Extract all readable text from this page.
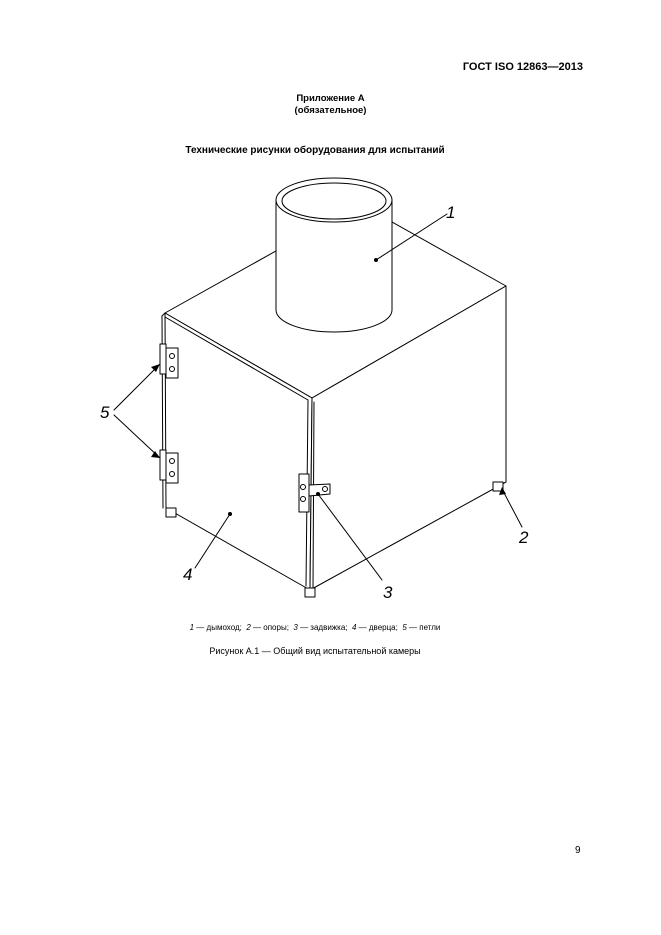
ГОСТ ISO 12863—2013
Приложение А
(обязательное)
Технические рисунки оборудования для испытаний
1
2
3
4
5
1 — дымоход;  2 — опоры;  3 — задвижка;  4 — дверца;  5 — петли
Рисунок А.1 — Общий вид испытательной камеры
9
